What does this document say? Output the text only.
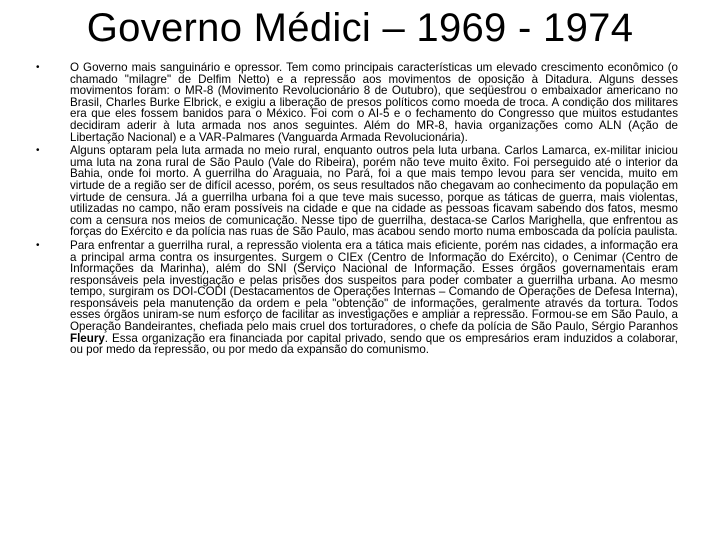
Governo Médici – 1969 - 1974
•	O Governo mais sanguinário e opressor. Tem como principais características um elevado crescimento econômico (o chamado "milagre" de Delfim Netto) e a repressão aos movimentos de oposição à Ditadura. Alguns desses movimentos foram: o MR-8 (Movimento Revolucionário 8 de Outubro), que seqüestrou o embaixador americano no Brasil, Charles Burke Elbrick, e exigiu a liberação de presos políticos como moeda de troca. A condição dos militares era que eles fossem banidos para o México. Foi com o AI-5 e o fechamento do Congresso que muitos estudantes decidiram aderir à luta armada nos anos seguintes. Além do MR-8, havia organizações como ALN (Ação de Libertação Nacional) e a VAR-Palmares (Vanguarda Armada Revolucionária).
•	Alguns optaram pela luta armada no meio rural, enquanto outros pela luta urbana. Carlos Lamarca, ex-militar iniciou uma luta na zona rural de São Paulo (Vale do Ribeira), porém não teve muito êxito. Foi perseguido até o interior da Bahia, onde foi morto. A guerrilha do Araguaia, no Pará, foi a que mais tempo levou para ser vencida, muito em virtude de a região ser de difícil acesso, porém, os seus resultados não chegavam ao conhecimento da população em virtude de censura. Já a guerrilha urbana foi a que teve mais sucesso, porque as táticas de guerra, mais violentas, utilizadas no campo, não eram possíveis na cidade e que na cidade as pessoas ficavam sabendo dos fatos, mesmo com a censura nos meios de comunicação. Nesse tipo de guerrilha, destaca-se Carlos Marighella, que enfrentou as forças do Exército e da polícia nas ruas de São Paulo, mas acabou sendo morto numa emboscada da polícia paulista.
•	Para enfrentar a guerrilha rural, a repressão violenta era a tática mais eficiente, porém nas cidades, a informação era a principal arma contra os insurgentes. Surgem o CIEx (Centro de Informação do Exército), o Cenimar (Centro de Informações da Marinha), além do SNI (Serviço Nacional de Informação. Esses órgãos governamentais eram responsáveis pela investigação e pelas prisões dos suspeitos para poder combater a guerrilha urbana. Ao mesmo tempo, surgiram os DOI-CODI (Destacamentos de Operações Internas – Comando de Operações de Defesa Interna), responsáveis pela manutenção da ordem e pela "obtenção" de informações, geralmente através da tortura. Todos esses órgãos uniram-se num esforço de facilitar as investigações e ampliar a repressão. Formou-se em São Paulo, a Operação Bandeirantes, chefiada pelo mais cruel dos torturadores, o chefe da polícia de São Paulo, Sérgio Paranhos Fleury. Essa organização era financiada por capital privado, sendo que os empresários eram induzidos a colaborar, ou por medo da repressão, ou por medo da expansão do comunismo.
